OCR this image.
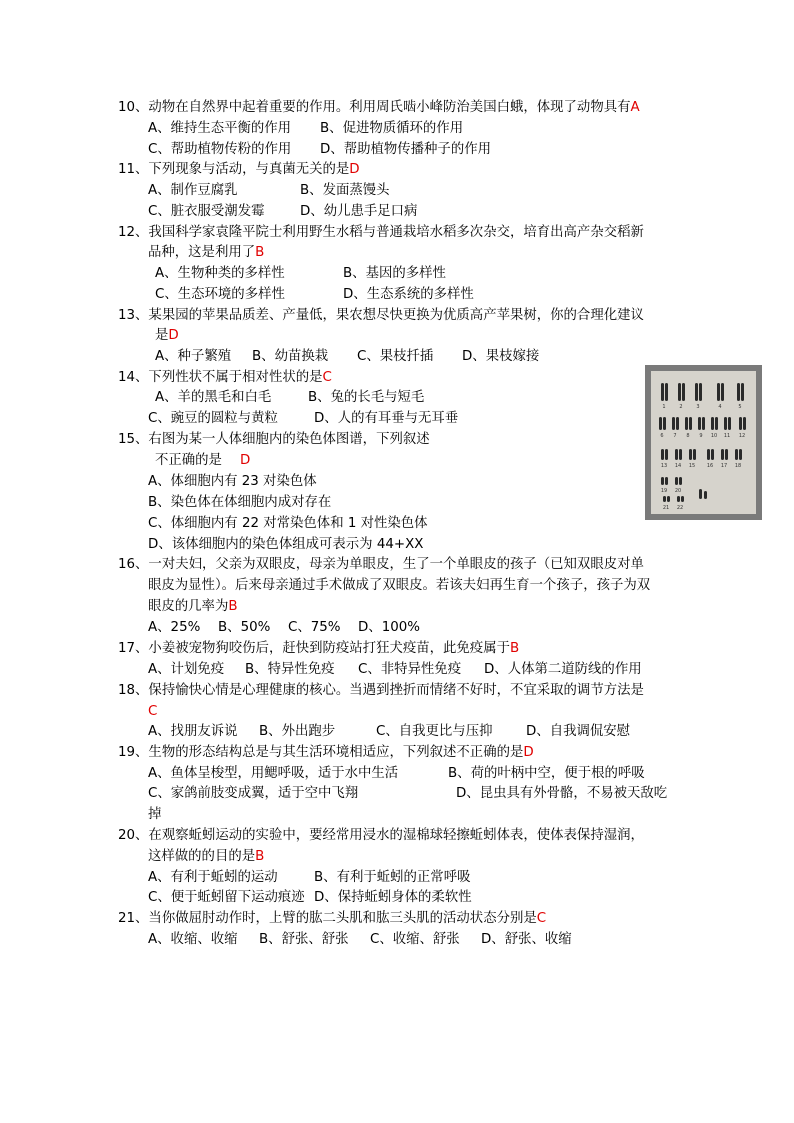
10、动物在自然界中起着重要的作用。利用周氏啮小峰防治美国白蛾，体现了动物具有A
A、维持生态平衡的作用 B、促进物质循环的作用
C、帮助植物传粉的作用 D、帮助植物传播种子的作用
11、下列现象与活动，与真菌无关的是D
A、制作豆腐乳	B、发面蒸馒头
C、脏衣服受潮发霉	D、幼儿患手足口病
12、我国科学家袁隆平院士利用野生水稻与普通栽培水稻多次杂交，培育出高产杂交稻新
品种，这是利用了B
A、生物种类的多样性	B、基因的多样性
C、生态环境的多样性	D、生态系统的多样性
13、某果园的苹果品质差、产量低，果农想尽快更换为优质高产苹果树，你的合理化建议
是D
A、种子繁殖 B、幼苗换栽 C、果枝扦插 D、果枝嫁接
14、下列性状不属于相对性状的是C
A、羊的黑毛和白毛	B、兔的长毛与短毛
C、豌豆的圆粒与黄粒	D、人的有耳垂与无耳垂
15、右图为某一人体细胞内的染色体图谱，下列叙述
不正确的是 D
A、体细胞内有 23 对染色体
B、染色体在体细胞内成对存在
C、体细胞内有 22 对常染色体和 1 对性染色体
D、该体细胞内的染色体组成可表示为 44+XX
16、一对夫妇，父亲为双眼皮，母亲为单眼皮，生了一个单眼皮的孩子（已知双眼皮对单
眼皮为显性）。后来母亲通过手术做成了双眼皮。若该夫妇再生育一个孩子，孩子为双
眼皮的几率为B
A、25% B、50% C、75% D、100%
17、小姜被宠物狗咬伤后，赶快到防疫站打狂犬疫苗，此免疫属于B
A、计划免疫 B、特异性免疫 C、非特异性免疫 D、人体第二道防线的作用
18、保持愉快心情是心理健康的核心。当遇到挫折而情绪不好时，不宜采取的调节方法是
C
A、找朋友诉说 B、外出跑步	C、自我更比与压抑	D、自我调侃安慰
19、生物的形态结构总是与其生活环境相适应，下列叙述不正确的是D
A、鱼体呈梭型，用鳃呼吸，适于水中生活	B、荷的叶柄中空，便于根的呼吸
C、家鸽前肢变成翼，适于空中飞翔	D、昆虫具有外骨骼，不易被天敌吃
掉
20、在观察蚯蚓运动的实验中，要经常用浸水的湿棉球轻擦蚯蚓体表，使体表保持湿润，
这样做的的目的是B
A、有利于蚯蚓的运动	B、有利于蚯蚓的正常呼吸
C、便于蚯蚓留下运动痕迹 D、保持蚯蚓身体的柔软性
21、当你做屈肘动作时，上臂的肱二头肌和肱三头肌的活动状态分别是C
A、收缩、收缩 B、舒张、舒张 C、收缩、舒张 D、舒张、收缩
1	2	3	4	5
6 7 8 9 10 11 12
13 14 15 16 17 18
19 20
21 22
